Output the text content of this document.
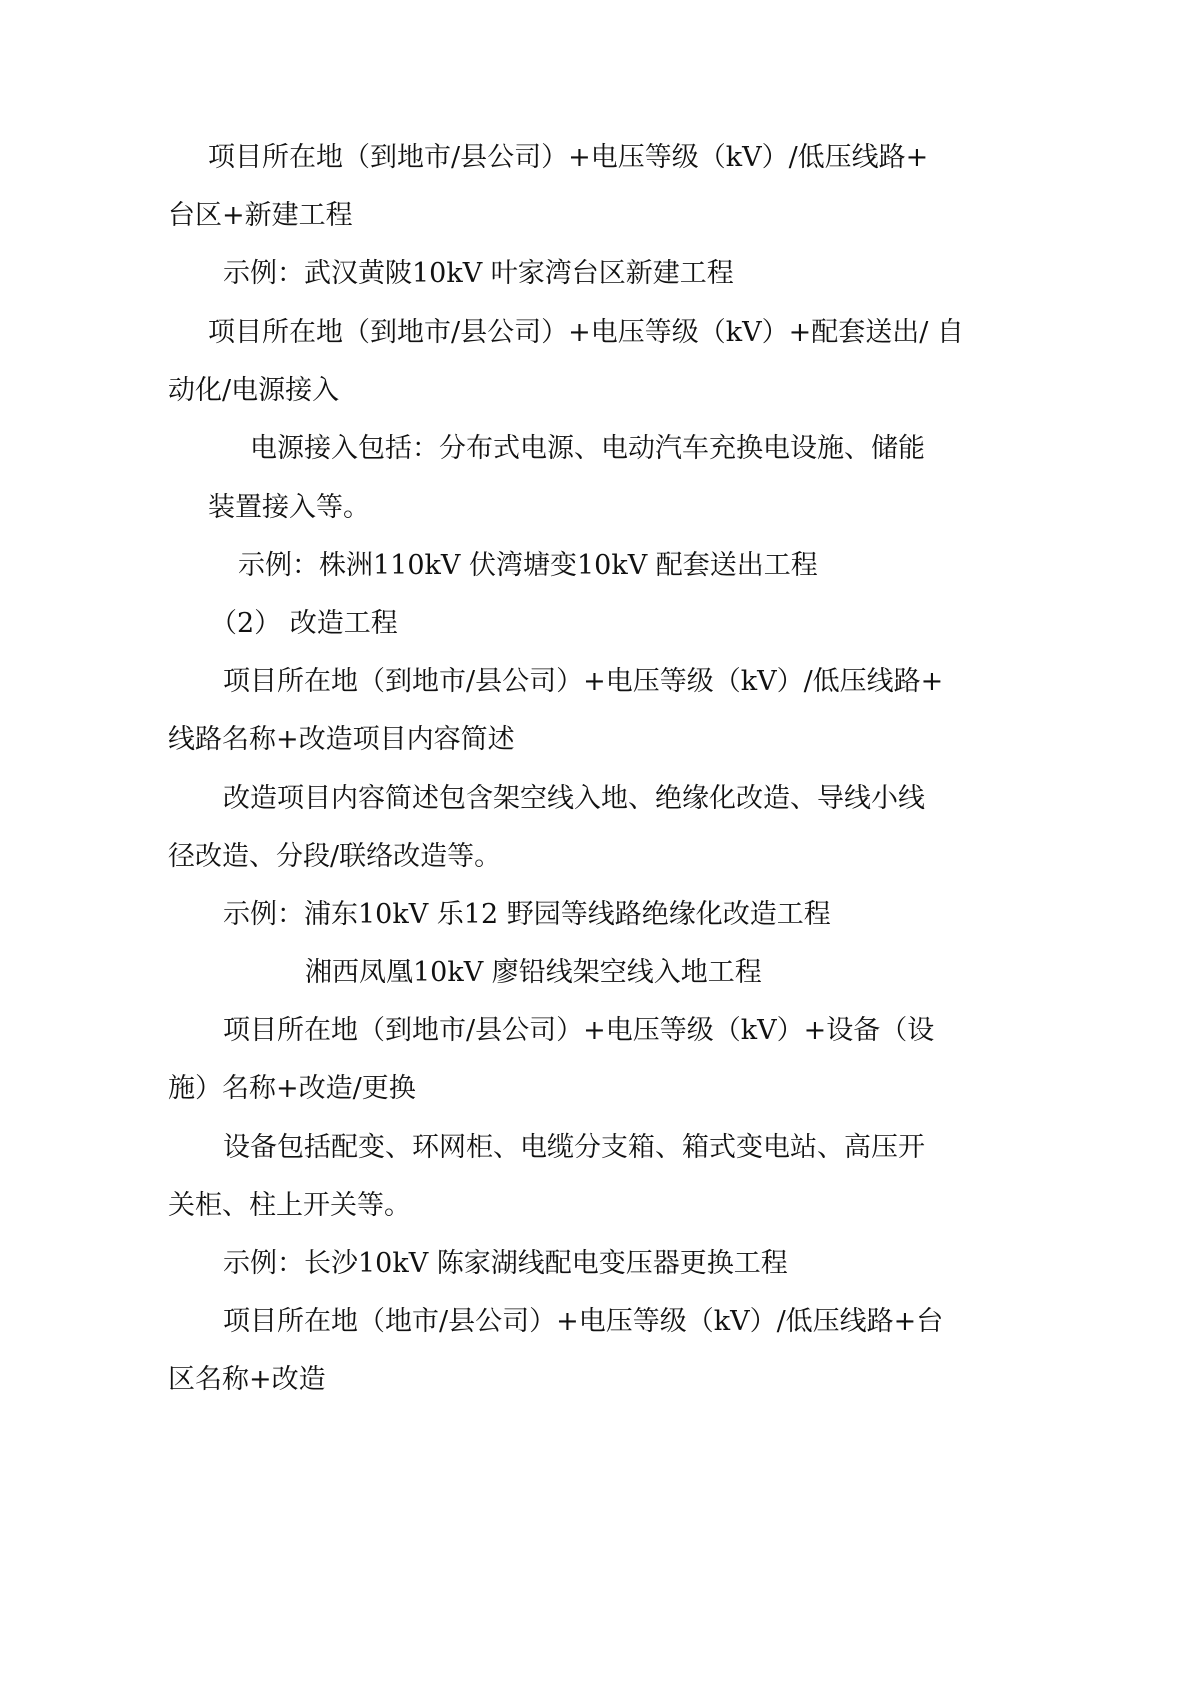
项目所在地（到地市/县公司）+电压等级（kV）/低压线路+
台区+新建工程
示例：武汉黄陂10kV 叶家湾台区新建工程
项目所在地（到地市/县公司）+电压等级（kV）+配套送出/ 自
动化/电源接入
电源接入包括：分布式电源、电动汽车充换电设施、储能
装置接入等。
示例：株洲110kV 伏湾塘变10kV 配套送出工程
（2） 改造工程
项目所在地（到地市/县公司）+电压等级（kV）/低压线路+
线路名称+改造项目内容简述
改造项目内容简述包含架空线入地、绝缘化改造、导线小线
径改造、分段/联络改造等。
示例：浦东10kV 乐12 野园等线路绝缘化改造工程
湘西凤凰10kV 廖铅线架空线入地工程
项目所在地（到地市/县公司）+电压等级（kV）+设备（设
施）名称+改造/更换
设备包括配变、环网柜、电缆分支箱、箱式变电站、高压开
关柜、柱上开关等。
示例：长沙10kV 陈家湖线配电变压器更换工程
项目所在地（地市/县公司）+电压等级（kV）/低压线路+台
区名称+改造
